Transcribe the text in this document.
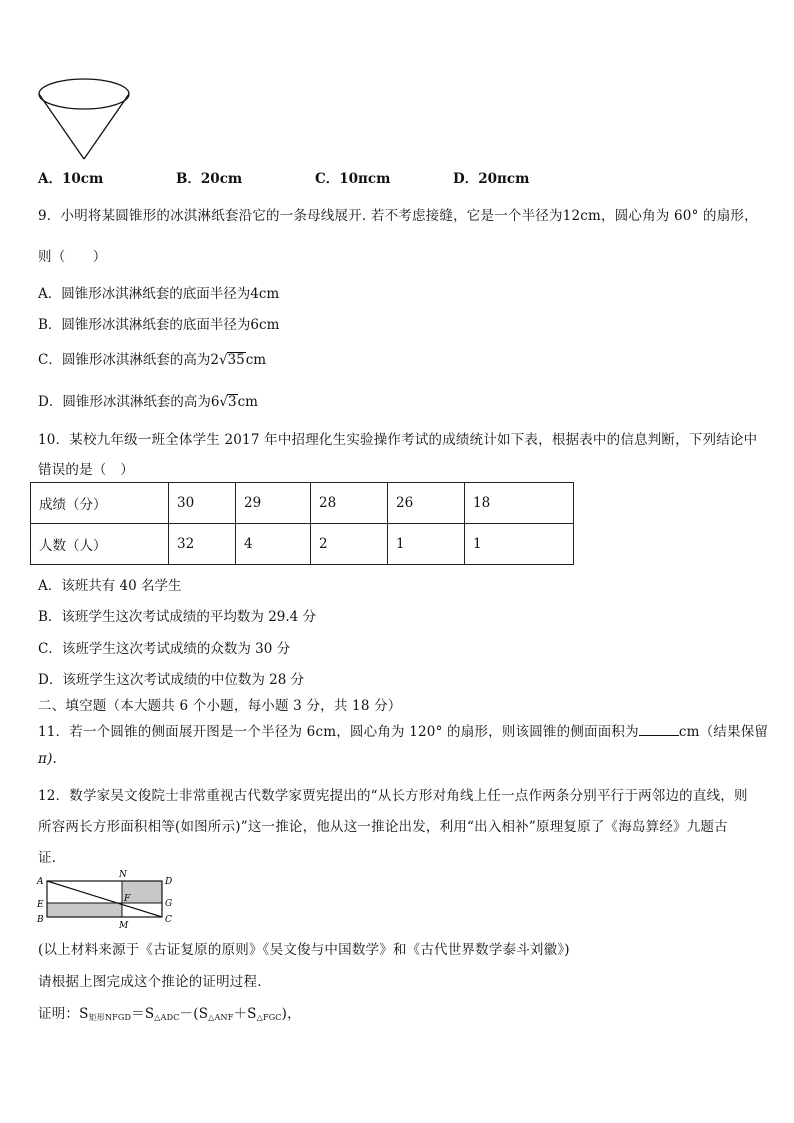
A．10cm	B．20cm	C．10πcm	D．20πcm
9．小明将某圆锥形的冰淇淋纸套沿它的一条母线展开. 若不考虑接缝，它是一个半径为12cm，圆心角为 60° 的扇形，
则（　　）
A．圆锥形冰淇淋纸套的底面半径为4cm
B．圆锥形冰淇淋纸套的底面半径为6cm
C．圆锥形冰淇淋纸套的高为2√35cm
D．圆锥形冰淇淋纸套的高为6√3cm
10．某校九年级一班全体学生 2017 年中招理化生实验操作考试的成绩统计如下表，根据表中的信息判断，下列结论中
错误的是（　）
成绩（分）	30	29	28	26	18
人数（人）	32	4	2	1	1
A．该班共有 40 名学生
B．该班学生这次考试成绩的平均数为 29.4 分
C．该班学生这次考试成绩的众数为 30 分
D．该班学生这次考试成绩的中位数为 28 分
二、填空题（本大题共 6 个小题，每小题 3 分，共 18 分）
11．若一个圆锥的侧面展开图是一个半径为 6cm，圆心角为 120° 的扇形，则该圆锥的侧面面积为	cm（结果保留
π).
12．数学家吴文俊院士非常重视古代数学家贾宪提出的“从长方形对角线上任一点作两条分别平行于两邻边的直线，则
所容两长方形面积相等(如图所示)”这一推论，他从这一推论出发，利用“出入相补”原理复原了《海岛算经》九题古
证．
A
N
D
E
F	G
B
M
C
(以上材料来源于《古证复原的原则》《吴文俊与中国数学》和《古代世界数学泰斗刘徽》)
请根据上图完成这个推论的证明过程．
证明：$S_{矩形NFGD}=S_{\triangle ADC}-(S_{\triangle ANF}+S_{\triangle FGC})$，
